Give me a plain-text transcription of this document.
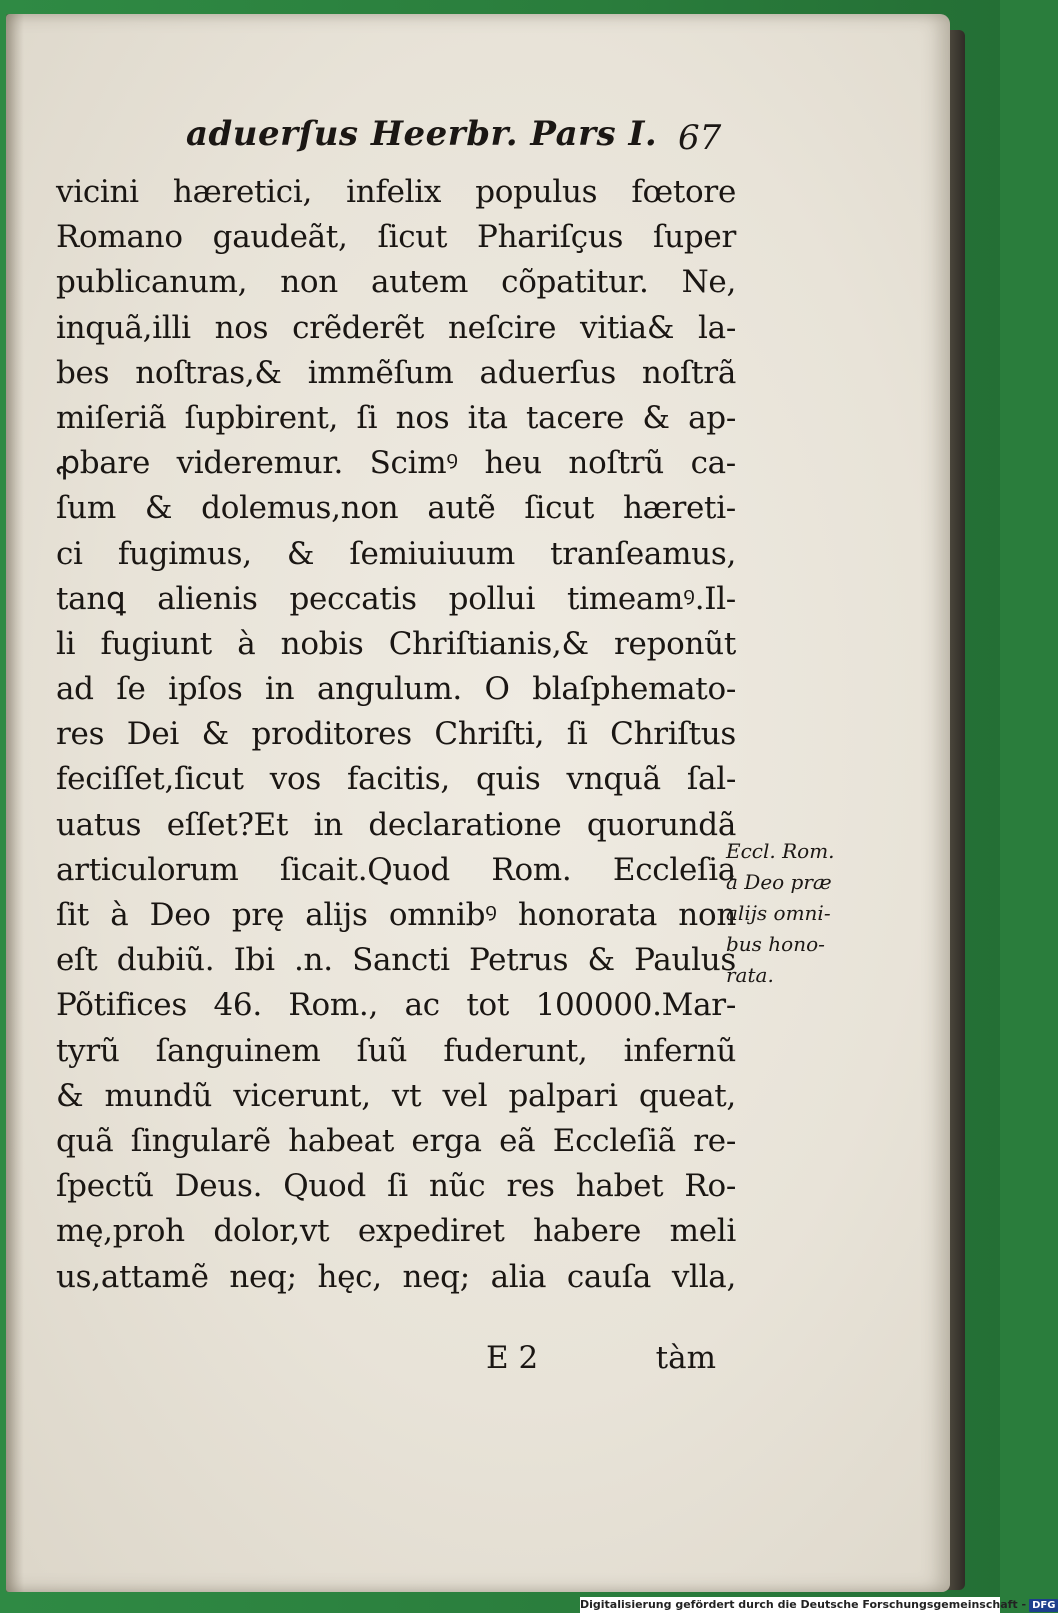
aduerſus Heerbr. Pars I. 67
vicini hæretici, infelix populus fœtore
Romano gaudeãt, ſicut Phariſçus ſuper
publicanum, non autem cõpatitur. Ne,
inquã,illi nos crẽderẽt neſcire vitia& la-
bes noſtras,& immẽſum aduerſus noſtrã
miſeriã ſupbirent, ſi nos ita tacere & ap-
ꝓbare videremur. Scimꝰ heu noſtrũ ca-
ſum & dolemus,non autẽ ſicut hæreti-
ci fugimus, & ſemiuiuum tranſeamus,
tanꝗ alienis peccatis pollui timeamꝰ.Il-
li fugiunt à nobis Chriſtianis,& reponũt
ad ſe ipſos in angulum. O blaſphemato-
res Dei & proditores Chriſti, ſi Chriſtus
feciſſet,ſicut vos facitis, quis vnquã ſal-
uatus eſſet?Et in declaratione quorundã
articulorum ſicait.Quod Rom. Eccleſia
ſit à Deo prę alijs omnibꝰ honorata non
eſt dubiũ. Ibi .n. Sancti Petrus & Paulus
Põtifices 46. Rom., ac tot 100000.Mar-
tyrũ ſanguinem ſuũ fuderunt, infernũ
& mundũ vicerunt, vt vel palpari queat,
quã ſingularẽ habeat erga eã Eccleſiã re-
ſpectũ Deus. Quod ſi nũc res habet Ro-
mę,proh dolor,vt expediret habere meli
us,attamẽ neq; hęc, neq; alia cauſa vlla,
Eccl. Rom.
à Deo præ
alijs omni-
bus hono-
rata.
E 2	tàm
Digitalisierung gefördert durch die Deutsche Forschungsgemeinschaft - DFG
